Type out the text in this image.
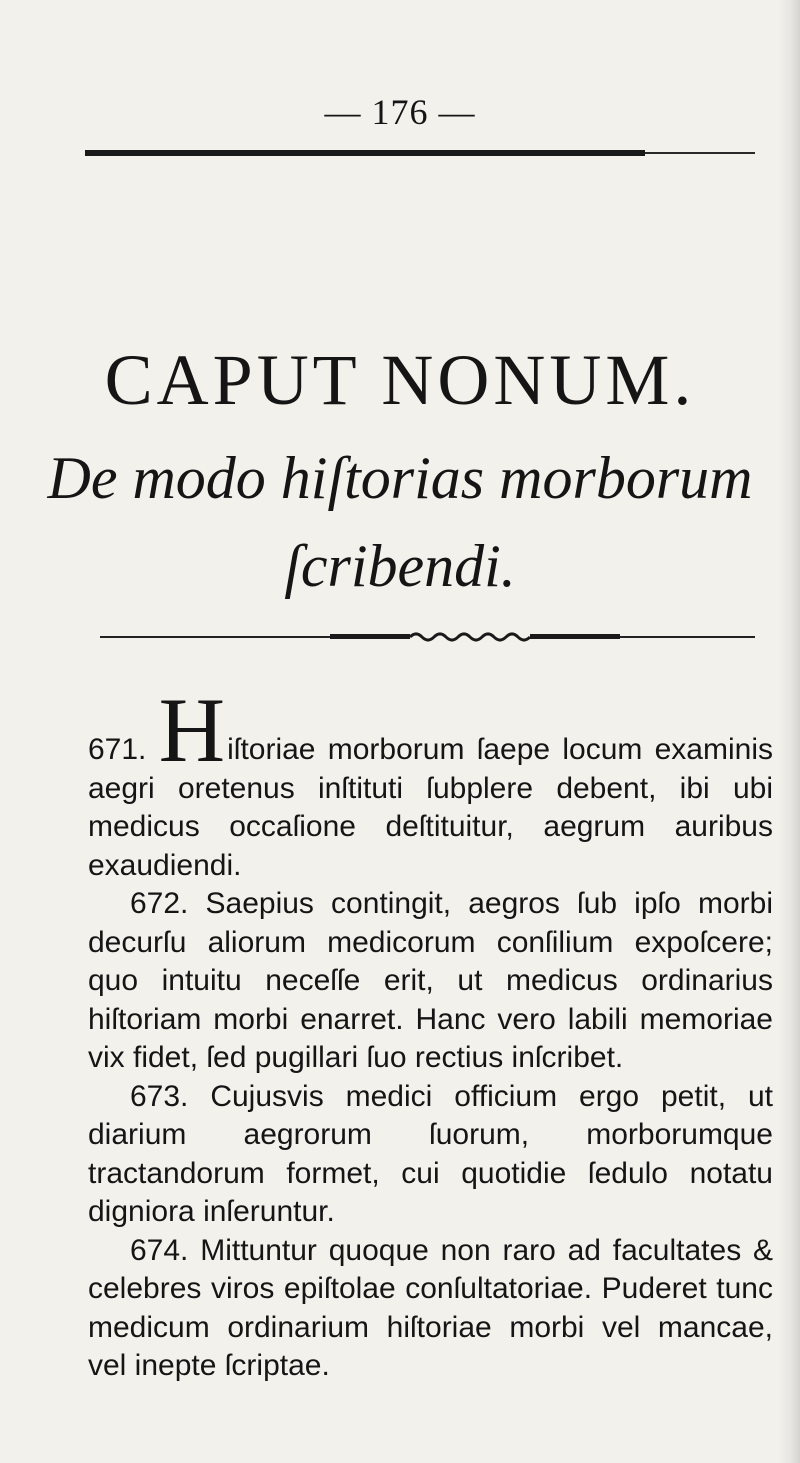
— 176 —
CAPUT NONUM.
De modo hiſtorias morborum
ſcribendi.

671. Hiſtoriae morborum ſaepe locum examinis aegri oretenus inſtituti ſubplere debent, ibi ubi medicus occaſione deſtituitur, aegrum auribus exaudiendi.

672. Saepius contingit, aegros ſub ipſo morbi decurſu aliorum medicorum conſilium expoſcere; quo intuitu neceſſe erit, ut medicus ordinarius hiſtoriam morbi enarret. Hanc vero labili memoriae vix fidet, ſed pugillari ſuo rectius inſcribet.

673. Cujusvis medici officium ergo petit, ut diarium aegrorum ſuorum, morborumque tractandorum formet, cui quotidie ſedulo notatu digniora inſeruntur.

674. Mittuntur quoque non raro ad facultates & celebres viros epiſtolae conſultatoriae. Puderet tunc medicum ordinarium hiſtoriae morbi vel mancae, vel inepte ſcriptae.
